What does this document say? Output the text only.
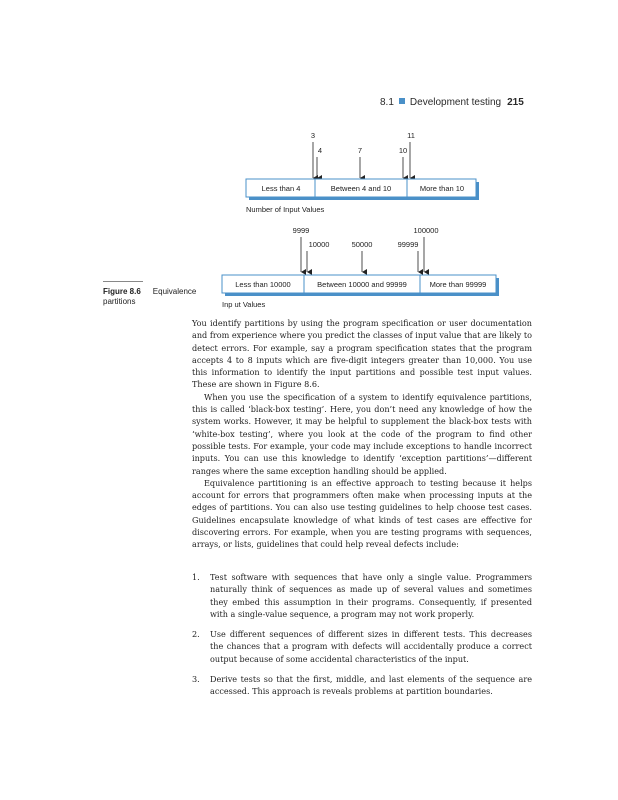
8.1 Development testing 215
3
4	7	10
11
Less than 4	Between 4 and 10	More than 10
Number of Input Values
9999
10000	50000	99999
100000
Less than 10000	Between 10000 and 99999	More than 99999
Inp ut Values
Figure 8.6 Equivalence partitions

You identify partitions by using the program specification or user documentation and from experience where you predict the classes of input value that are likely to detect errors. For example, say a program specification states that the program accepts 4 to 8 inputs which are five-digit integers greater than 10,000. You use this information to identify the input partitions and possible test input values. These are shown in Figure 8.6.

When you use the specification of a system to identify equivalence partitions, this is called ‘black-box testing’. Here, you don’t need any knowledge of how the system works. However, it may be helpful to supplement the black-box tests with ‘white-box testing’, where you look at the code of the program to find other possible tests. For example, your code may include exceptions to handle incorrect inputs. You can use this knowledge to identify ‘exception partitions’—different ranges where the same exception handling should be applied.

Equivalence partitioning is an effective approach to testing because it helps account for errors that programmers often make when processing inputs at the edges of partitions. You can also use testing guidelines to help choose test cases. Guidelines encapsulate knowledge of what kinds of test cases are effective for discovering errors. For example, when you are testing programs with sequences, arrays, or lists, guidelines that could help reveal defects include:

1. Test software with sequences that have only a single value. Programmers naturally think of sequences as made up of several values and sometimes they embed this assumption in their programs. Consequently, if presented with a single-value sequence, a program may not work properly.
2. Use different sequences of different sizes in different tests. This decreases the chances that a program with defects will accidentally produce a correct output because of some accidental characteristics of the input.
3. Derive tests so that the first, middle, and last elements of the sequence are accessed. This approach is reveals problems at partition boundaries.
